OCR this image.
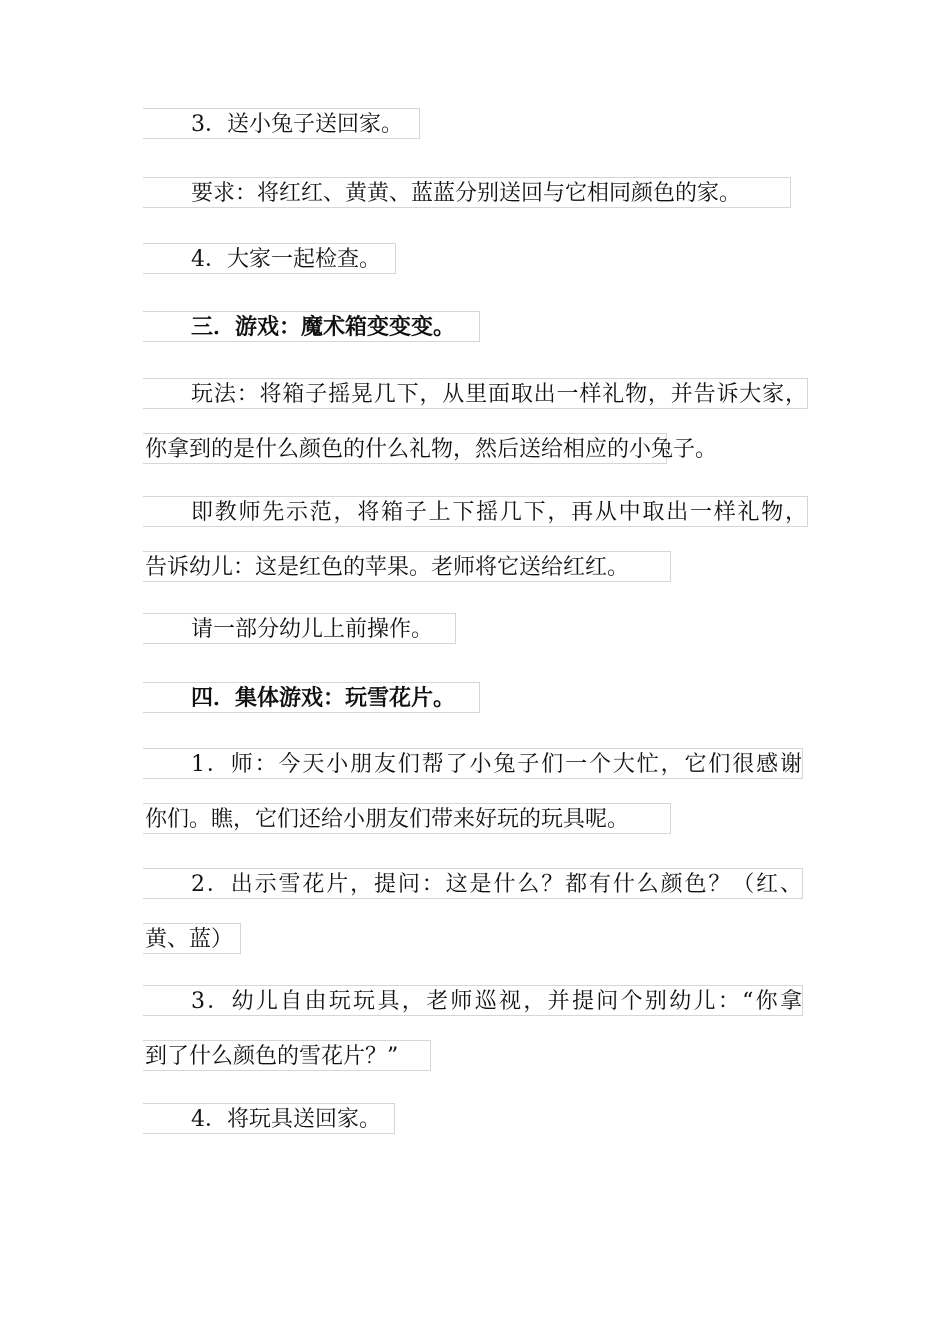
3．送小兔子送回家。
要求：将红红、黄黄、蓝蓝分别送回与它相同颜色的家。
4．大家一起检查。
三．游戏：魔术箱变变变。
玩法：将箱子摇晃几下，从里面取出一样礼物，并告诉大家，
你拿到的是什么颜色的什么礼物，然后送给相应的小兔子。
即教师先示范，将箱子上下摇几下，再从中取出一样礼物，
告诉幼儿：这是红色的苹果。老师将它送给红红。
请一部分幼儿上前操作。
四．集体游戏：玩雪花片。
1．师：今天小朋友们帮了小兔子们一个大忙，它们很感谢
你们。瞧，它们还给小朋友们带来好玩的玩具呢。
2．出示雪花片，提问：这是什么？都有什么颜色？（红、
黄、蓝）
3．幼儿自由玩玩具，老师巡视，并提问个别幼儿：“你拿
到了什么颜色的雪花片？”
4．将玩具送回家。
